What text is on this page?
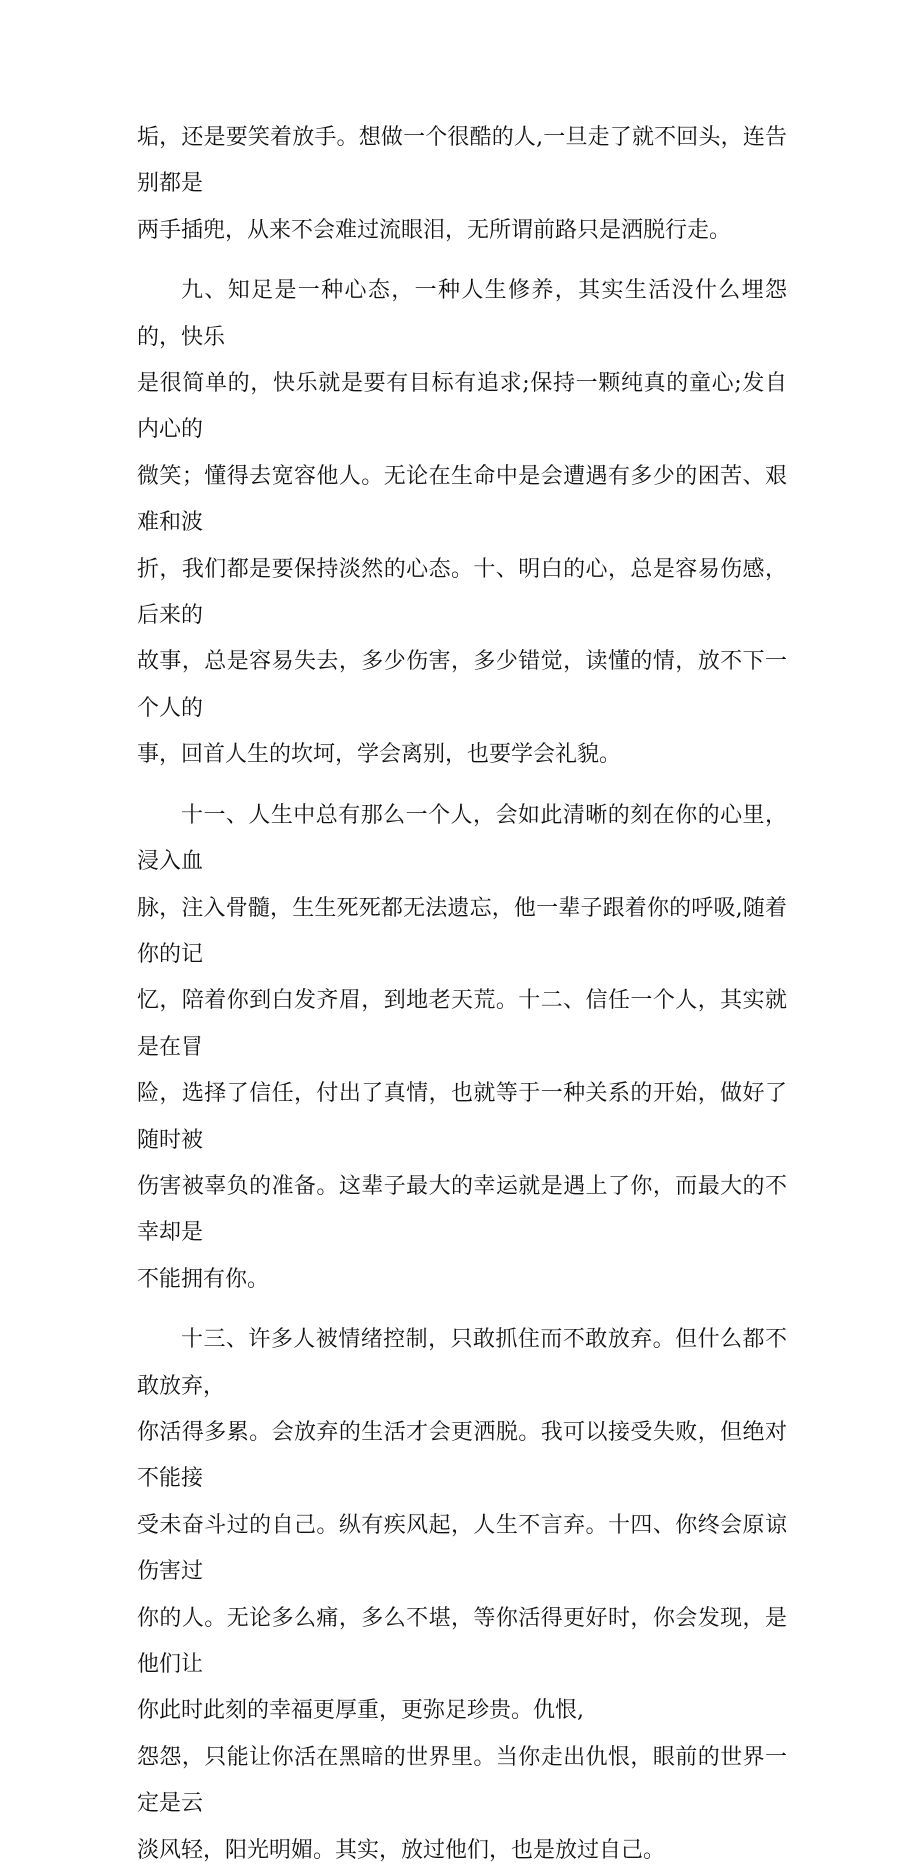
垢，还是要笑着放手。想做一个很酷的人,一旦走了就不回头，连告别都是
两手插兜，从来不会难过流眼泪，无所谓前路只是洒脱行走。

九、知足是一种心态，一种人生修养，其实生活没什么埋怨的，快乐
是很简单的，快乐就是要有目标有追求;保持一颗纯真的童心;发自内心的
微笑；懂得去宽容他人。无论在生命中是会遭遇有多少的困苦、艰难和波
折，我们都是要保持淡然的心态。十、明白的心，总是容易伤感，后来的
故事，总是容易失去，多少伤害，多少错觉，读懂的情，放不下一个人的
事，回首人生的坎坷，学会离别，也要学会礼貌。

十一、人生中总有那么一个人，会如此清晰的刻在你的心里，浸入血
脉，注入骨髓，生生死死都无法遗忘，他一辈子跟着你的呼吸,随着你的记
忆，陪着你到白发齐眉，到地老天荒。十二、信任一个人，其实就是在冒
险，选择了信任，付出了真情，也就等于一种关系的开始，做好了随时被
伤害被辜负的准备。这辈子最大的幸运就是遇上了你，而最大的不幸却是
不能拥有你。

十三、许多人被情绪控制，只敢抓住而不敢放弃。但什么都不敢放弃，
你活得多累。会放弃的生活才会更洒脱。我可以接受失败，但绝对不能接
受未奋斗过的自己。纵有疾风起，人生不言弃。十四、你终会原谅伤害过
你的人。无论多么痛，多么不堪，等你活得更好时，你会发现，是他们让
你此时此刻的幸福更厚重，更弥足珍贵。仇恨,

怨怨，只能让你活在黑暗的世界里。当你走出仇恨，眼前的世界一定是云
淡风轻，阳光明媚。其实，放过他们，也是放过自己。
